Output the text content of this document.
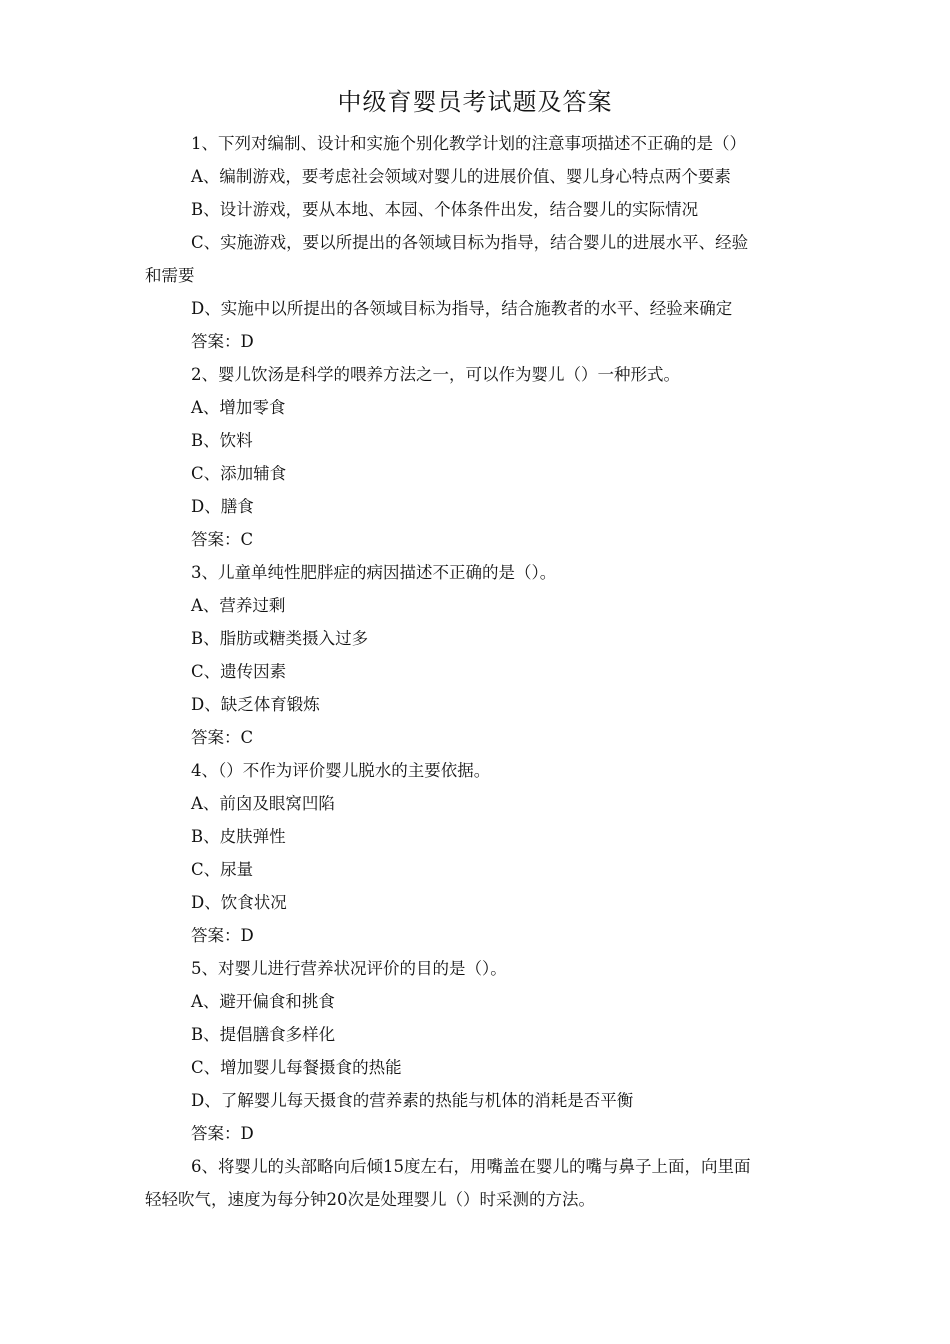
中级育婴员考试题及答案
1、下列对编制、设计和实施个别化教学计划的注意事项描述不正确的是（）
A、编制游戏，要考虑社会领域对婴儿的进展价值、婴儿身心特点两个要素
B、设计游戏，要从本地、本园、个体条件出发，结合婴儿的实际情况
C、实施游戏，要以所提出的各领域目标为指导，结合婴儿的进展水平、经验
和需要
D、实施中以所提出的各领域目标为指导，结合施教者的水平、经验来确定
答案：D
2、婴儿饮汤是科学的喂养方法之一，可以作为婴儿（）一种形式。
A、增加零食
B、饮料
C、添加辅食
D、膳食
答案：C
3、儿童单纯性肥胖症的病因描述不正确的是（）。
A、营养过剩
B、脂肪或糖类摄入过多
C、遗传因素
D、缺乏体育锻炼
答案：C
4、（）不作为评价婴儿脱水的主要依据。
A、前囟及眼窝凹陷
B、皮肤弹性
C、尿量
D、饮食状况
答案：D
5、对婴儿进行营养状况评价的目的是（）。
A、避开偏食和挑食
B、提倡膳食多样化
C、增加婴儿每餐摄食的热能
D、了解婴儿每天摄食的营养素的热能与机体的消耗是否平衡
答案：D
6、将婴儿的头部略向后倾15度左右，用嘴盖在婴儿的嘴与鼻子上面，向里面
轻轻吹气，速度为每分钟20次是处理婴儿（）时采测的方法。
